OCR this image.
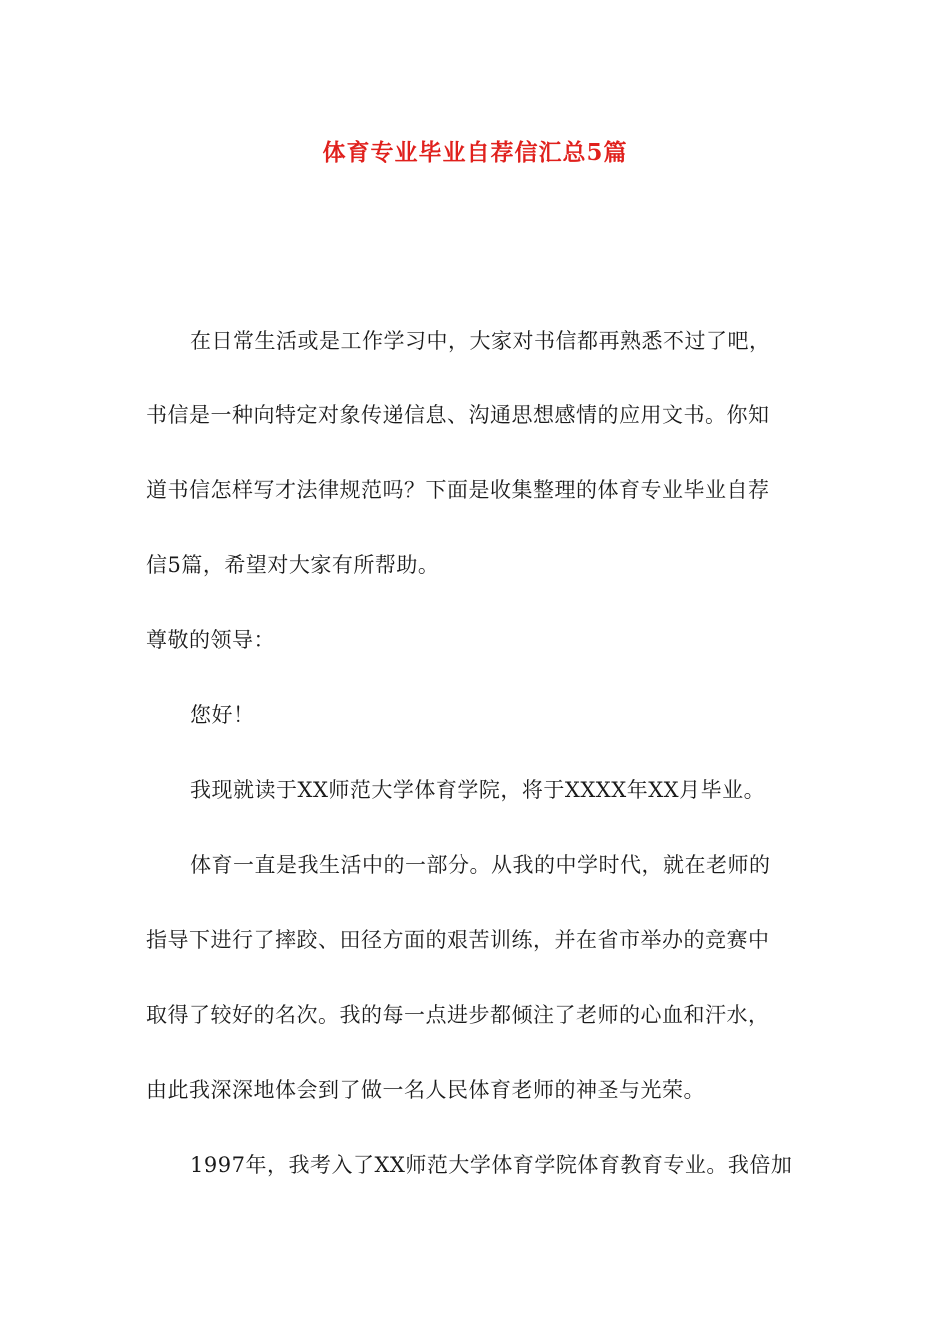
体育专业毕业自荐信汇总5篇
在日常生活或是工作学习中，大家对书信都再熟悉不过了吧，
书信是一种向特定对象传递信息、沟通思想感情的应用文书。你知
道书信怎样写才法律规范吗？下面是收集整理的体育专业毕业自荐
信5篇，希望对大家有所帮助。
尊敬的领导：
您好！
我现就读于XX师范大学体育学院，将于XXXX年XX月毕业。
体育一直是我生活中的一部分。从我的中学时代，就在老师的
指导下进行了摔跤、田径方面的艰苦训练，并在省市举办的竞赛中
取得了较好的名次。我的每一点进步都倾注了老师的心血和汗水，
由此我深深地体会到了做一名人民体育老师的神圣与光荣。
1997年，我考入了XX师范大学体育学院体育教育专业。我倍加
